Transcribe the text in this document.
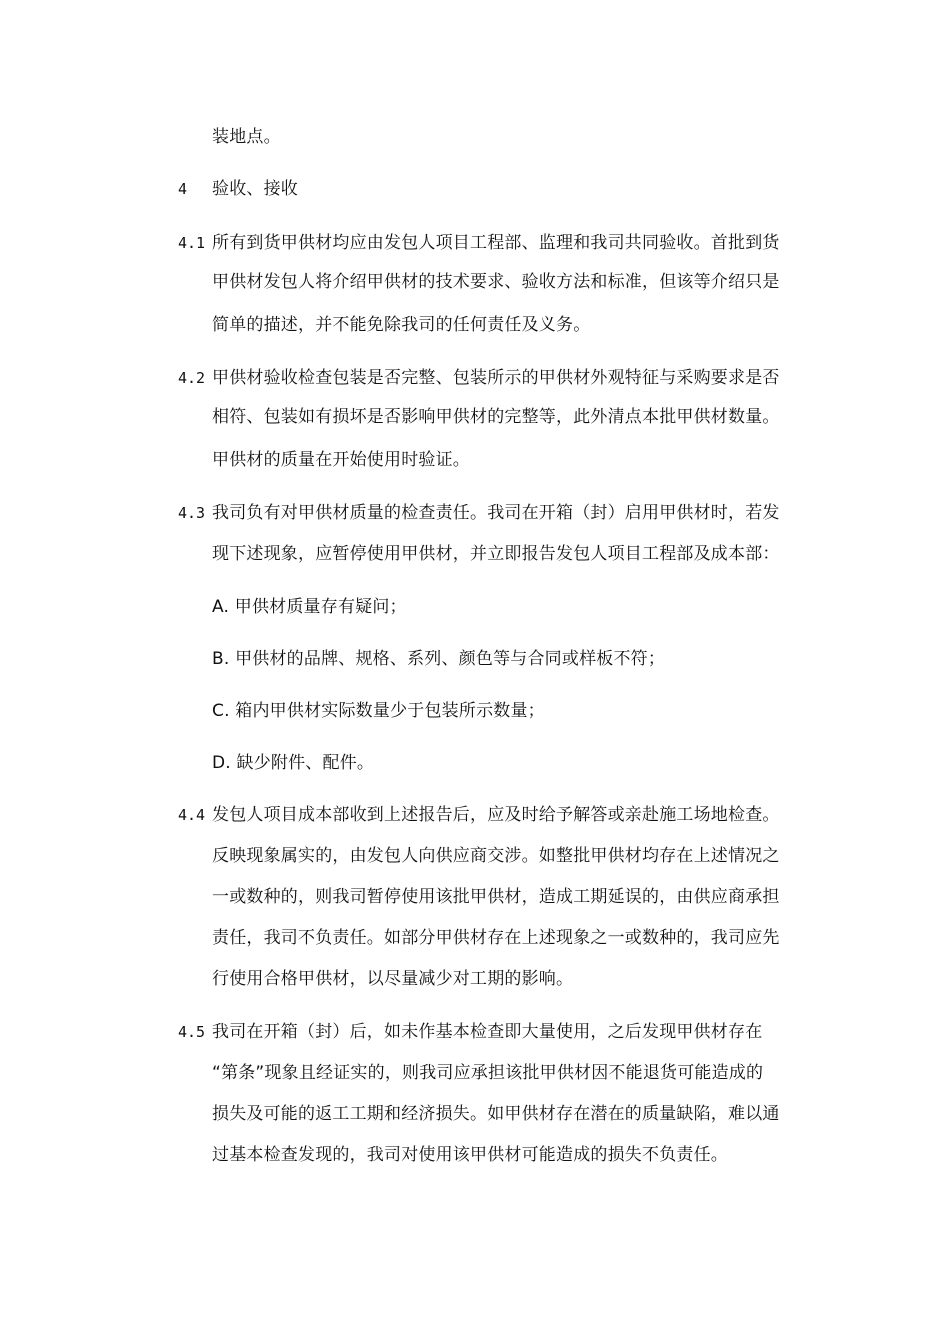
装地点。
4 验收、接收
4.1 所有到货甲供材均应由发包人项目工程部、监理和我司共同验收。首批到货
甲供材发包人将介绍甲供材的技术要求、验收方法和标准，但该等介绍只是
简单的描述，并不能免除我司的任何责任及义务。
4.2 甲供材验收检查包装是否完整、包装所示的甲供材外观特征与采购要求是否
相符、包装如有损坏是否影响甲供材的完整等，此外清点本批甲供材数量。
甲供材的质量在开始使用时验证。
4.3 我司负有对甲供材质量的检查责任。我司在开箱（封）启用甲供材时，若发
现下述现象，应暂停使用甲供材，并立即报告发包人项目工程部及成本部：
A. 甲供材质量存有疑问；
B. 甲供材的品牌、规格、系列、颜色等与合同或样板不符；
C. 箱内甲供材实际数量少于包装所示数量；
D. 缺少附件、配件。
4.4 发包人项目成本部收到上述报告后，应及时给予解答或亲赴施工场地检查。
反映现象属实的，由发包人向供应商交涉。如整批甲供材均存在上述情况之
一或数种的，则我司暂停使用该批甲供材，造成工期延误的，由供应商承担
责任，我司不负责任。如部分甲供材存在上述现象之一或数种的，我司应先
行使用合格甲供材，以尽量减少对工期的影响。
4.5 我司在开箱（封）后，如未作基本检查即大量使用，之后发现甲供材存在
“第条”现象且经证实的，则我司应承担该批甲供材因不能退货可能造成的
损失及可能的返工工期和经济损失。如甲供材存在潜在的质量缺陷，难以通
过基本检查发现的，我司对使用该甲供材可能造成的损失不负责任。
